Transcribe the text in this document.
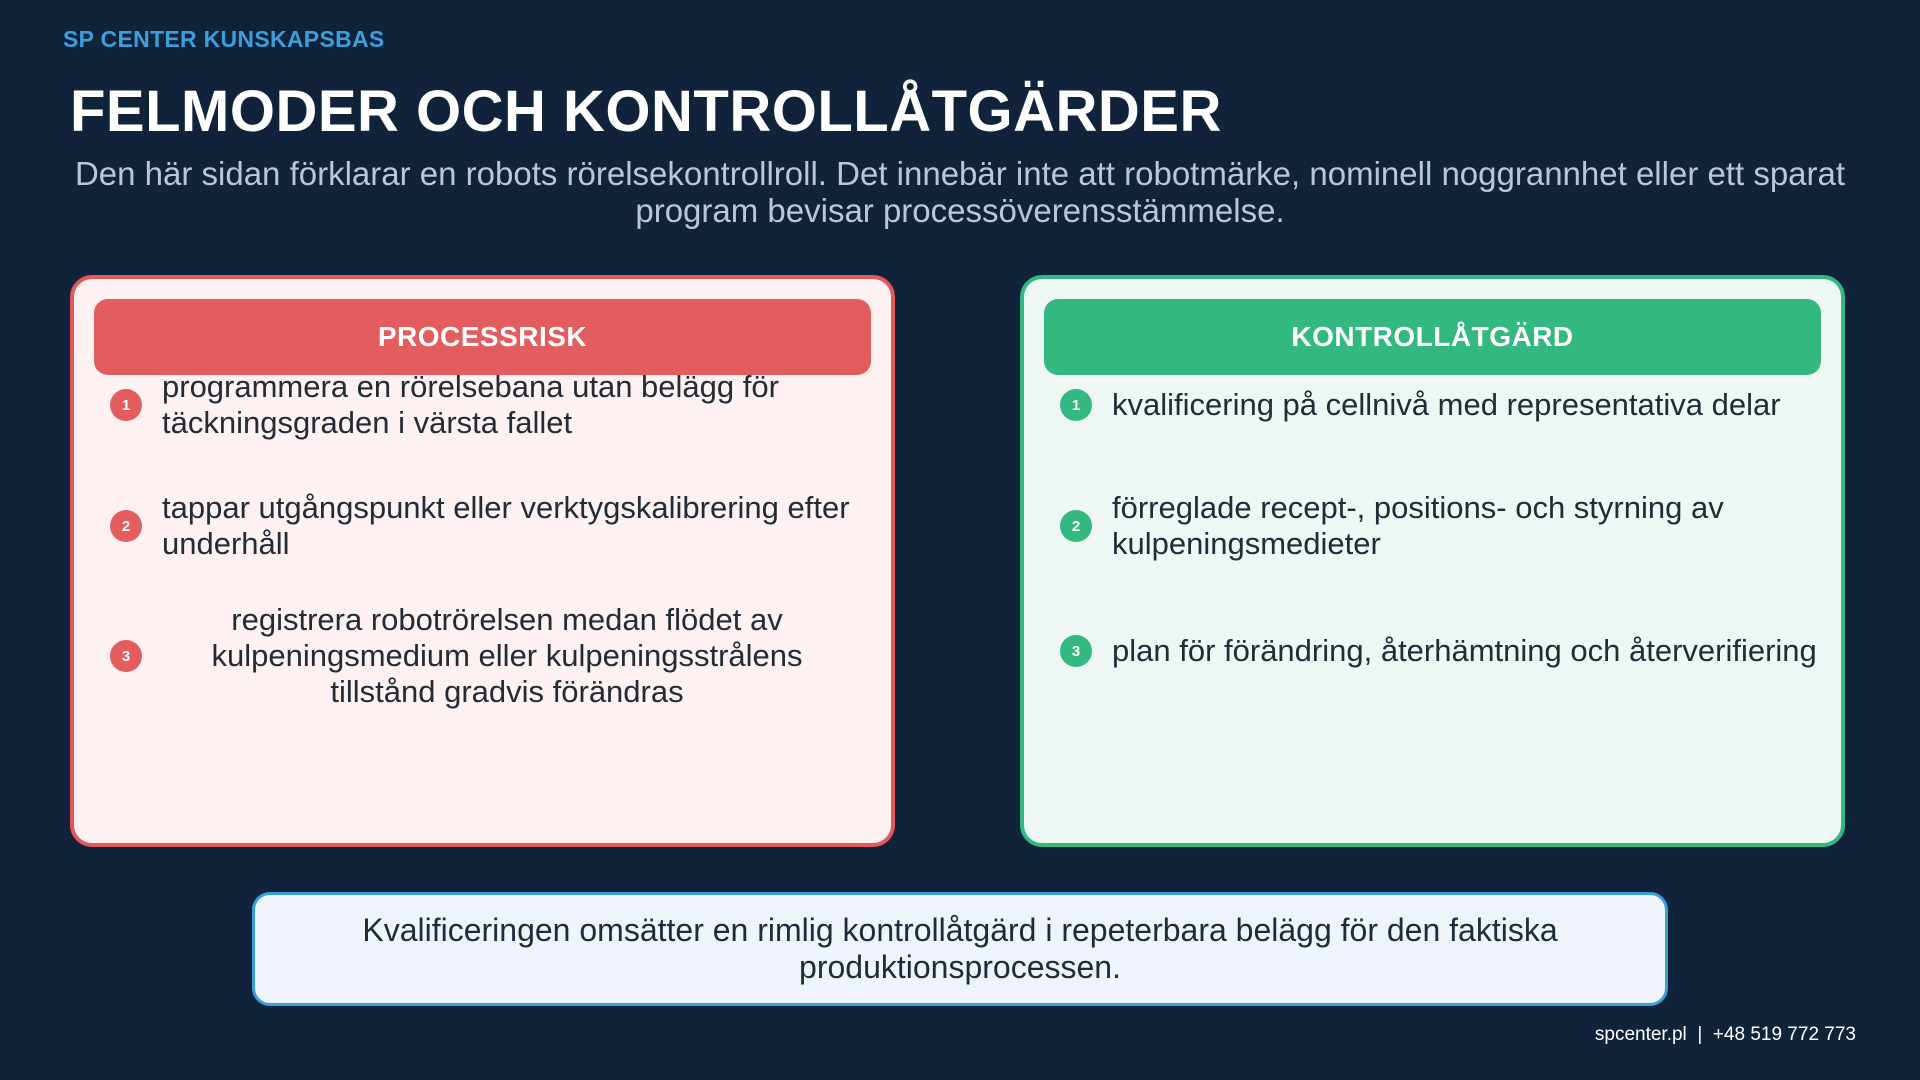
SP CENTER KUNSKAPSBAS
FELMODER OCH KONTROLLÅTGÄRDER
Den här sidan förklarar en robots rörelsekontrollroll. Det innebär inte att robotmärke, nominell noggrannhet eller ett sparat program bevisar processöverensstämmelse.
PROCESSRISK
1
programmera en rörelsebana utan belägg för täckningsgraden i värsta fallet
2
tappar utgångspunkt eller verktygskalibrering efter underhåll
3
registrera robotrörelsen medan flödet av kulpeningsmedium eller kulpeningsstrålens tillstånd gradvis förändras
KONTROLLÅTGÄRD
1	kvalificering på cellnivå med representativa delar
2
förreglade recept-, positions- och styrning av kulpeningsmedieter
3	plan för förändring, återhämtning och återverifiering
Kvalificeringen omsätter en rimlig kontrollåtgärd i repeterbara belägg för den faktiska produktionsprocessen.
spcenter.pl  |  +48 519 772 773
